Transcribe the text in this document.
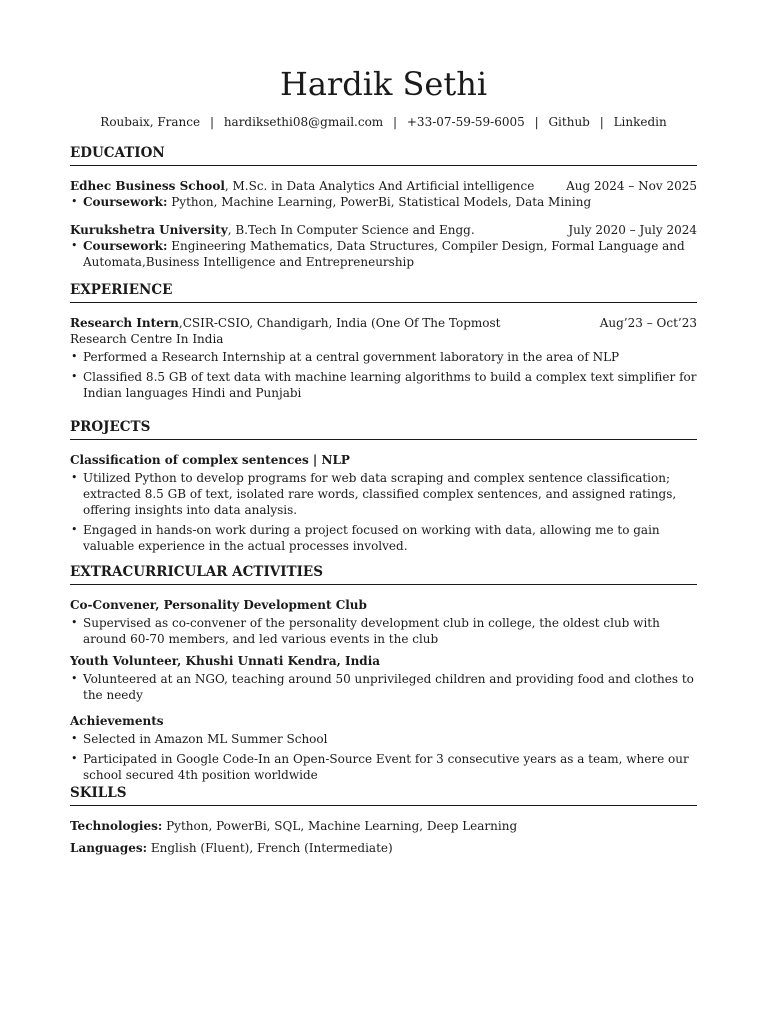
Hardik Sethi
Roubaix, France | hardiksethi08@gmail.com | +33-07-59-59-6005 | Github | Linkedin
EDUCATION
Edhec Business School, M.Sc. in Data Analytics And Artificial intelligence	Aug 2024 – Nov 2025
• Coursework: Python, Machine Learning, PowerBi, Statistical Models, Data Mining
Kurukshetra University, B.Tech In Computer Science and Engg.	July 2020 – July 2024
• Coursework: Engineering Mathematics, Data Structures, Compiler Design, Formal Language and Automata,Business Intelligence and Entrepreneurship
EXPERIENCE
Research Intern,CSIR-CSIO, Chandigarh, India (One Of The Topmost Research Centre In India
Aug’23 – Oct’23
• Performed a Research Internship at a central government laboratory in the area of NLP
• Classified 8.5 GB of text data with machine learning algorithms to build a complex text simplifier for Indian languages Hindi and Punjabi
PROJECTS
Classification of complex sentences | NLP
• Utilized Python to develop programs for web data scraping and complex sentence classification; extracted 8.5 GB of text, isolated rare words, classified complex sentences, and assigned ratings, offering insights into data analysis.
• Engaged in hands-on work during a project focused on working with data, allowing me to gain valuable experience in the actual processes involved.
EXTRACURRICULAR ACTIVITIES
Co-Convener, Personality Development Club
• Supervised as co-convener of the personality development club in college, the oldest club with around 60-70 members, and led various events in the club
Youth Volunteer, Khushi Unnati Kendra, India
• Volunteered at an NGO, teaching around 50 unprivileged children and providing food and clothes to the needy
Achievements
• Selected in Amazon ML Summer School
• Participated in Google Code-In an Open-Source Event for 3 consecutive years as a team, where our school secured 4th position worldwide
SKILLS
Technologies: Python, PowerBi, SQL, Machine Learning, Deep Learning
Languages: English (Fluent), French (Intermediate)
